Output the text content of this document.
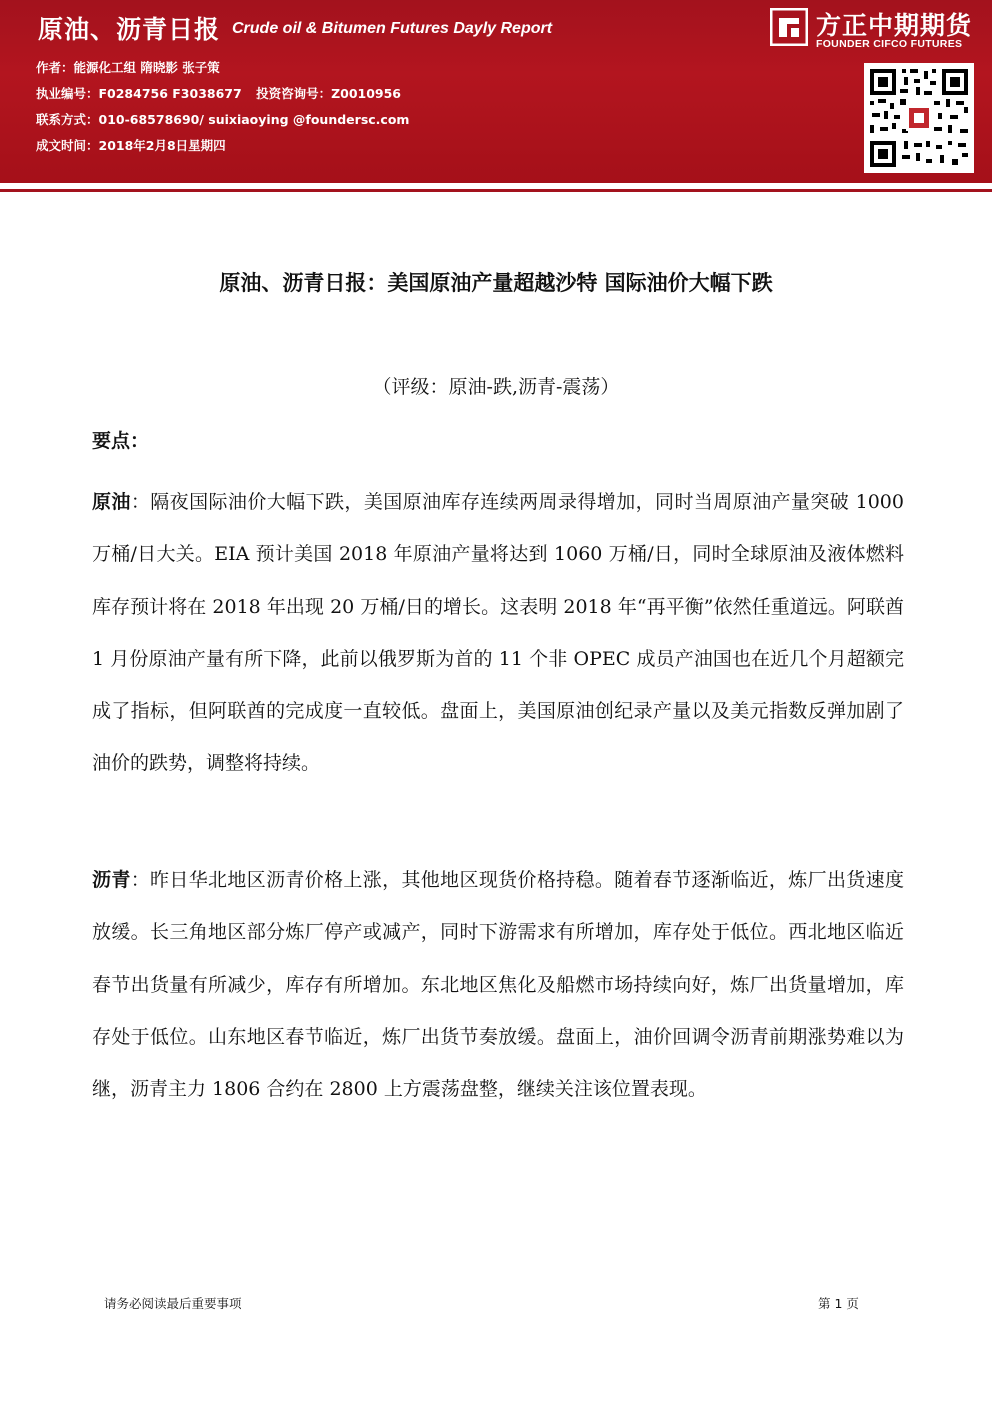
原油、沥青日报 Crude oil & Bitumen Futures Dayly Report
作者：能源化工组 隋晓影 张子策
执业编号：F0284756 F3038677 投资咨询号：Z0010956
联系方式：010-68578690/ suixiaoying @foundersc.com
成文时间：2018年2月8日星期四
方正中期期货
FOUNDER CIFCO FUTURES
原油、沥青日报：美国原油产量超越沙特 国际油价大幅下跌
（评级：原油-跌,沥青-震荡）
要点：
原油：隔夜国际油价大幅下跌，美国原油库存连续两周录得增加，同时当周原油产量突破 1000 万桶/日大关。EIA 预计美国 2018 年原油产量将达到 1060 万桶/日，同时全球原油及液体燃料库存预计将在 2018 年出现 20 万桶/日的增长。这表明 2018 年“再平衡”依然任重道远。阿联酋 1 月份原油产量有所下降，此前以俄罗斯为首的 11 个非 OPEC 成员产油国也在近几个月超额完成了指标，但阿联酋的完成度一直较低。盘面上，美国原油创纪录产量以及美元指数反弹加剧了油价的跌势，调整将持续。
沥青：昨日华北地区沥青价格上涨，其他地区现货价格持稳。随着春节逐渐临近，炼厂出货速度放缓。长三角地区部分炼厂停产或减产，同时下游需求有所增加，库存处于低位。西北地区临近春节出货量有所减少，库存有所增加。东北地区焦化及船燃市场持续向好，炼厂出货量增加，库存处于低位。山东地区春节临近，炼厂出货节奏放缓。盘面上，油价回调令沥青前期涨势难以为继，沥青主力 1806 合约在 2800 上方震荡盘整，继续关注该位置表现。
请务必阅读最后重要事项	第 1 页
